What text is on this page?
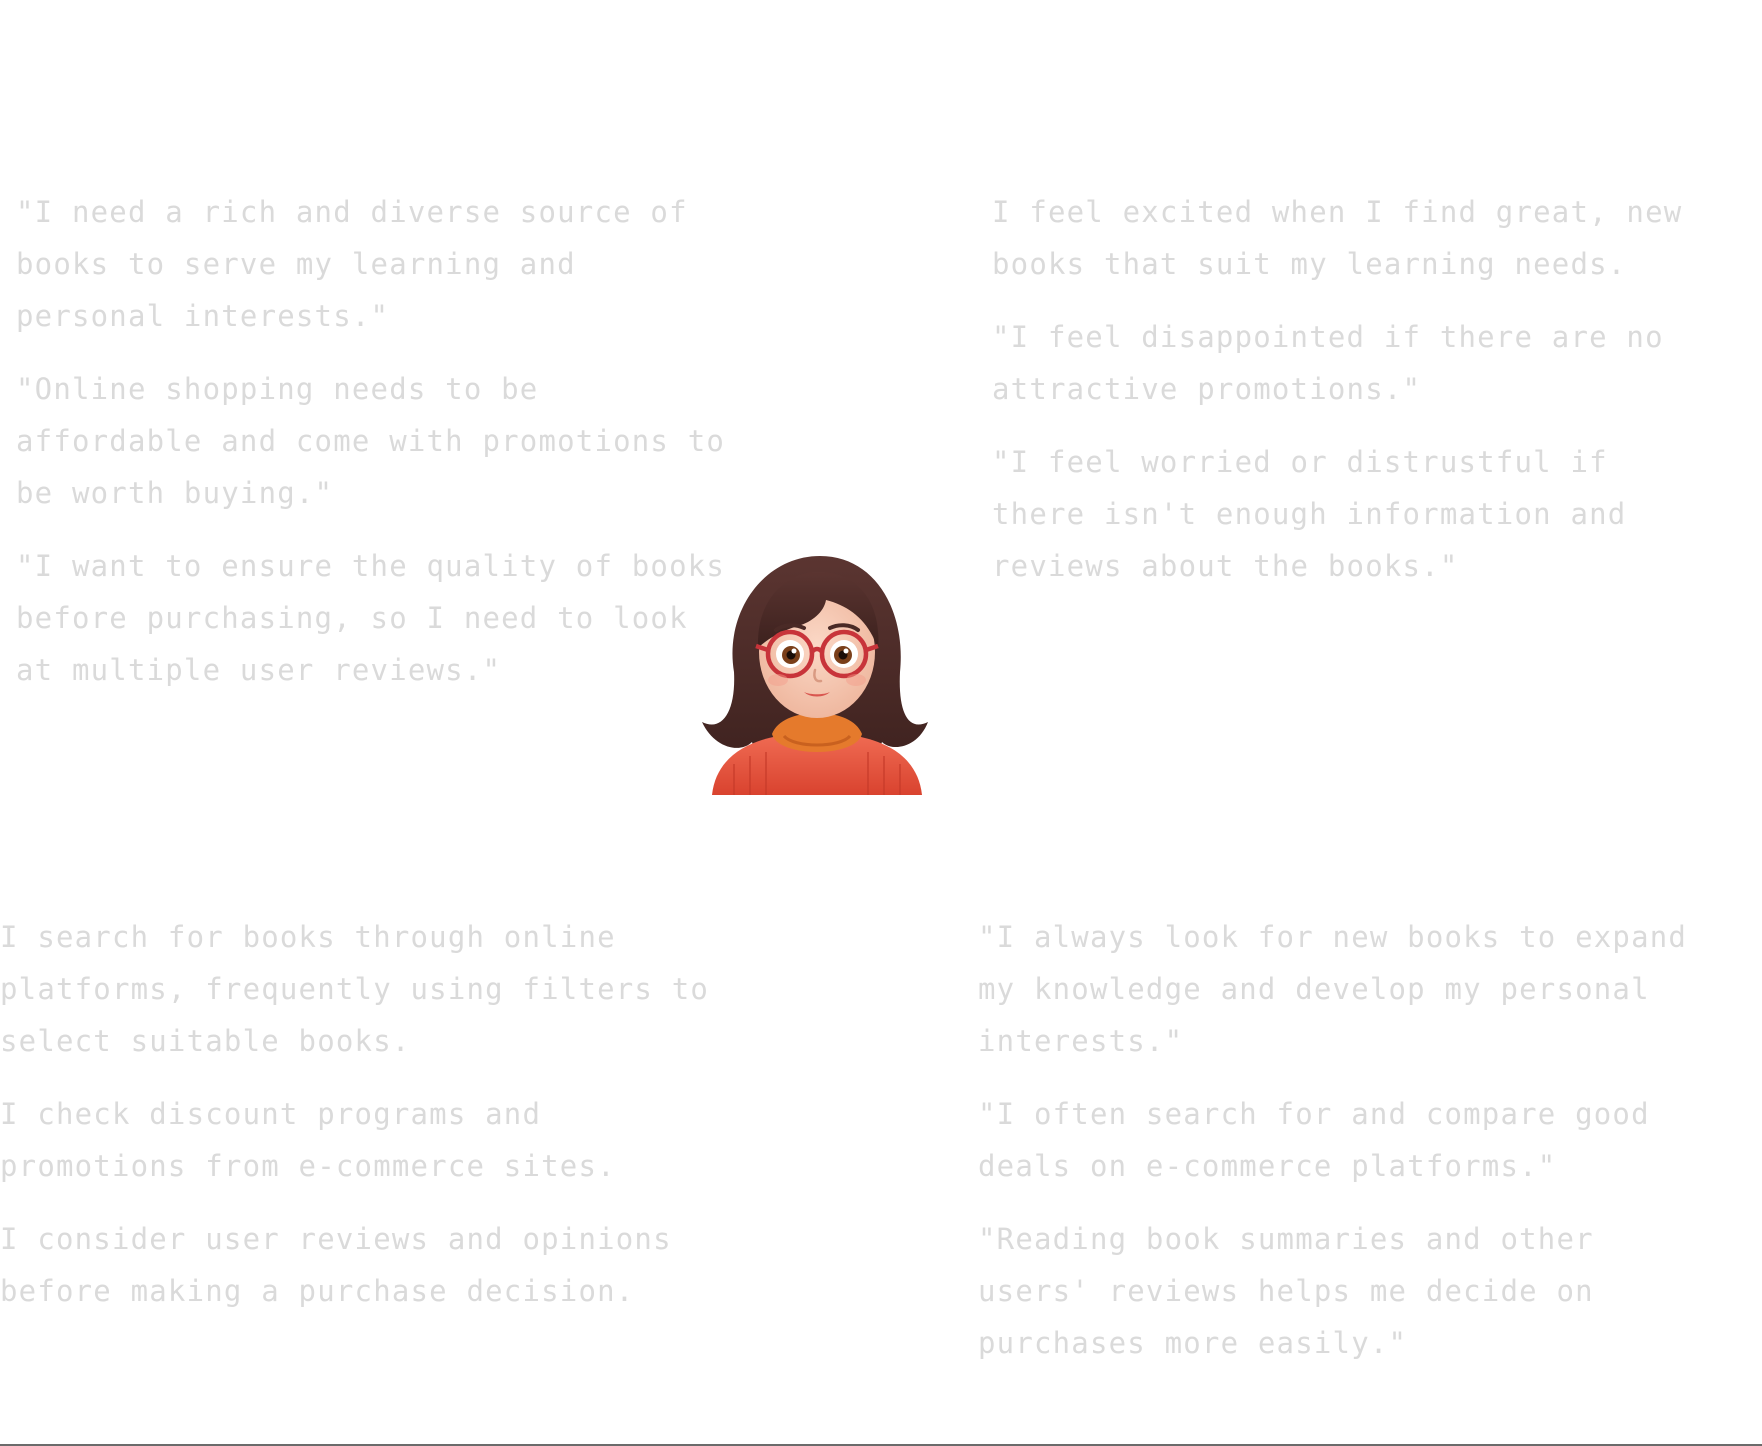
"I need a rich and diverse source of books to serve my learning and personal interests."

"Online shopping needs to be affordable and come with promotions to be worth buying."

"I want to ensure the quality of books before purchasing, so I need to look at multiple user reviews."

I feel excited when I find great, new books that suit my learning needs.

"I feel disappointed if there are no attractive promotions."

"I feel worried or distrustful if there isn't enough information and reviews about the books."

I search for books through online platforms, frequently using filters to select suitable books.

I check discount programs and promotions from e-commerce sites.

I consider user reviews and opinions before making a purchase decision.

"I always look for new books to expand my knowledge and develop my personal interests."

"I often search for and compare good deals on e-commerce platforms."

"Reading book summaries and other users' reviews helps me decide on purchases more easily."
